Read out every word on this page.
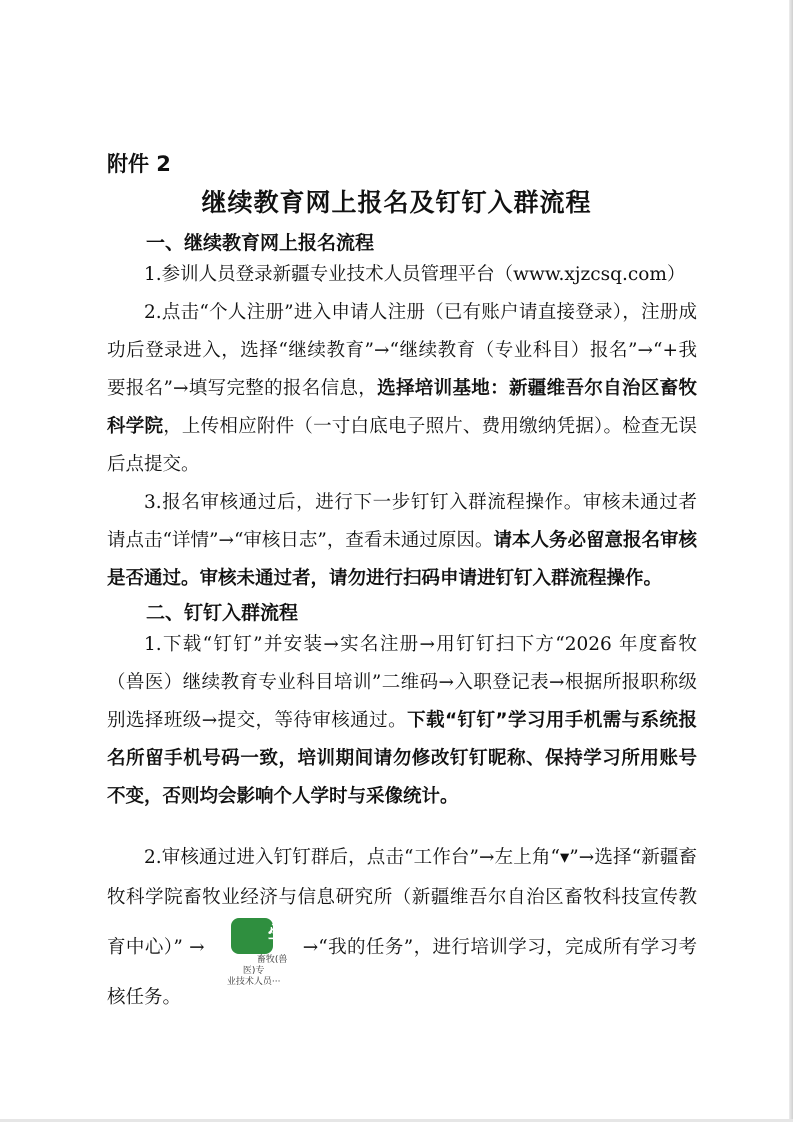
附件 2
继续教育网上报名及钉钉入群流程
一、继续教育网上报名流程
1.参训人员登录新疆专业技术人员管理平台（www.xjzcsq.com）
2.点击“个人注册”进入申请人注册（已有账户请直接登录），注册成功后登录进入，选择“继续教育”→“继续教育（专业科目）报名”→“+我要报名”→填写完整的报名信息，选择培训基地：新疆维吾尔自治区畜牧科学院，上传相应附件（一寸白底电子照片、费用缴纳凭据）。检查无误后点提交。
3.报名审核通过后，进行下一步钉钉入群流程操作。审核未通过者请点击“详情”→“审核日志”，查看未通过原因。请本人务必留意报名审核是否通过。审核未通过者，请勿进行扫码申请进钉钉入群流程操作。
二、钉钉入群流程
1.下载“钉钉”并安装→实名注册→用钉钉扫下方“2026 年度畜牧（兽医）继续教育专业科目培训”二维码→入职登记表→根据所报职称级别选择班级→提交，等待审核通过。下载“钉钉”学习用手机需与系统报名所留手机号码一致，培训期间请勿修改钉钉昵称、保持学习所用账号不变，否则均会影响个人学时与采像统计。
2.审核通过进入钉钉群后，点击“工作台”→左上角“▾”→选择“新疆畜牧科学院畜牧业经济与信息研究所（新疆维吾尔自治区畜牧科技宣传教育中心）” →	学
畜牧(兽医)专
业技术人员···
→“我的任务”，进行培训学习，完成所有学习考核任务。
